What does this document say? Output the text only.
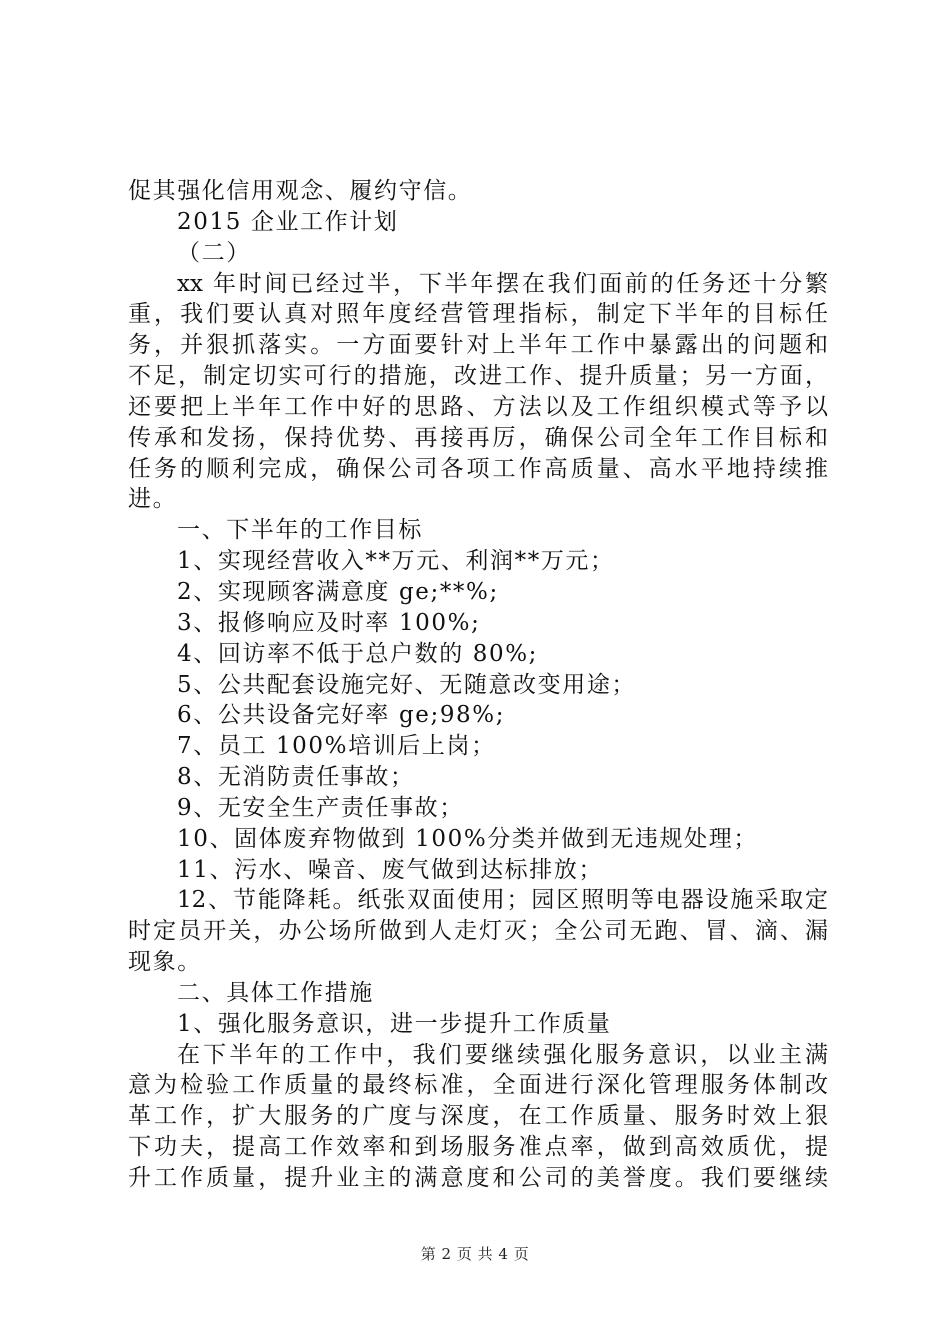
促其强化信用观念、履约守信。
2015 企业工作计划
（二）
xx 年时间已经过半，下半年摆在我们面前的任务还十分繁
重，我们要认真对照年度经营管理指标，制定下半年的目标任
务，并狠抓落实。一方面要针对上半年工作中暴露出的问题和
不足，制定切实可行的措施，改进工作、提升质量；另一方面，
还要把上半年工作中好的思路、方法以及工作组织模式等予以
传承和发扬，保持优势、再接再厉，确保公司全年工作目标和
任务的顺利完成，确保公司各项工作高质量、高水平地持续推
进。
一、下半年的工作目标
1、实现经营收入**万元、利润**万元；
2、实现顾客满意度 ge;**%;
3、报修响应及时率 100%;
4、回访率不低于总户数的 80%;
5、公共配套设施完好、无随意改变用途；
6、公共设备完好率 ge;98%;
7、员工 100%培训后上岗；
8、无消防责任事故；
9、无安全生产责任事故；
10、固体废弃物做到 100%分类并做到无违规处理；
11、污水、噪音、废气做到达标排放；
12、节能降耗。纸张双面使用；园区照明等电器设施采取定
时定员开关，办公场所做到人走灯灭；全公司无跑、冒、滴、漏
现象。
二、具体工作措施
1、强化服务意识，进一步提升工作质量
在下半年的工作中，我们要继续强化服务意识，以业主满
意为检验工作质量的最终标准，全面进行深化管理服务体制改
革工作，扩大服务的广度与深度，在工作质量、服务时效上狠
下功夫，提高工作效率和到场服务准点率，做到高效质优，提
升工作质量，提升业主的满意度和公司的美誉度。我们要继续
第 2 页 共 4 页
